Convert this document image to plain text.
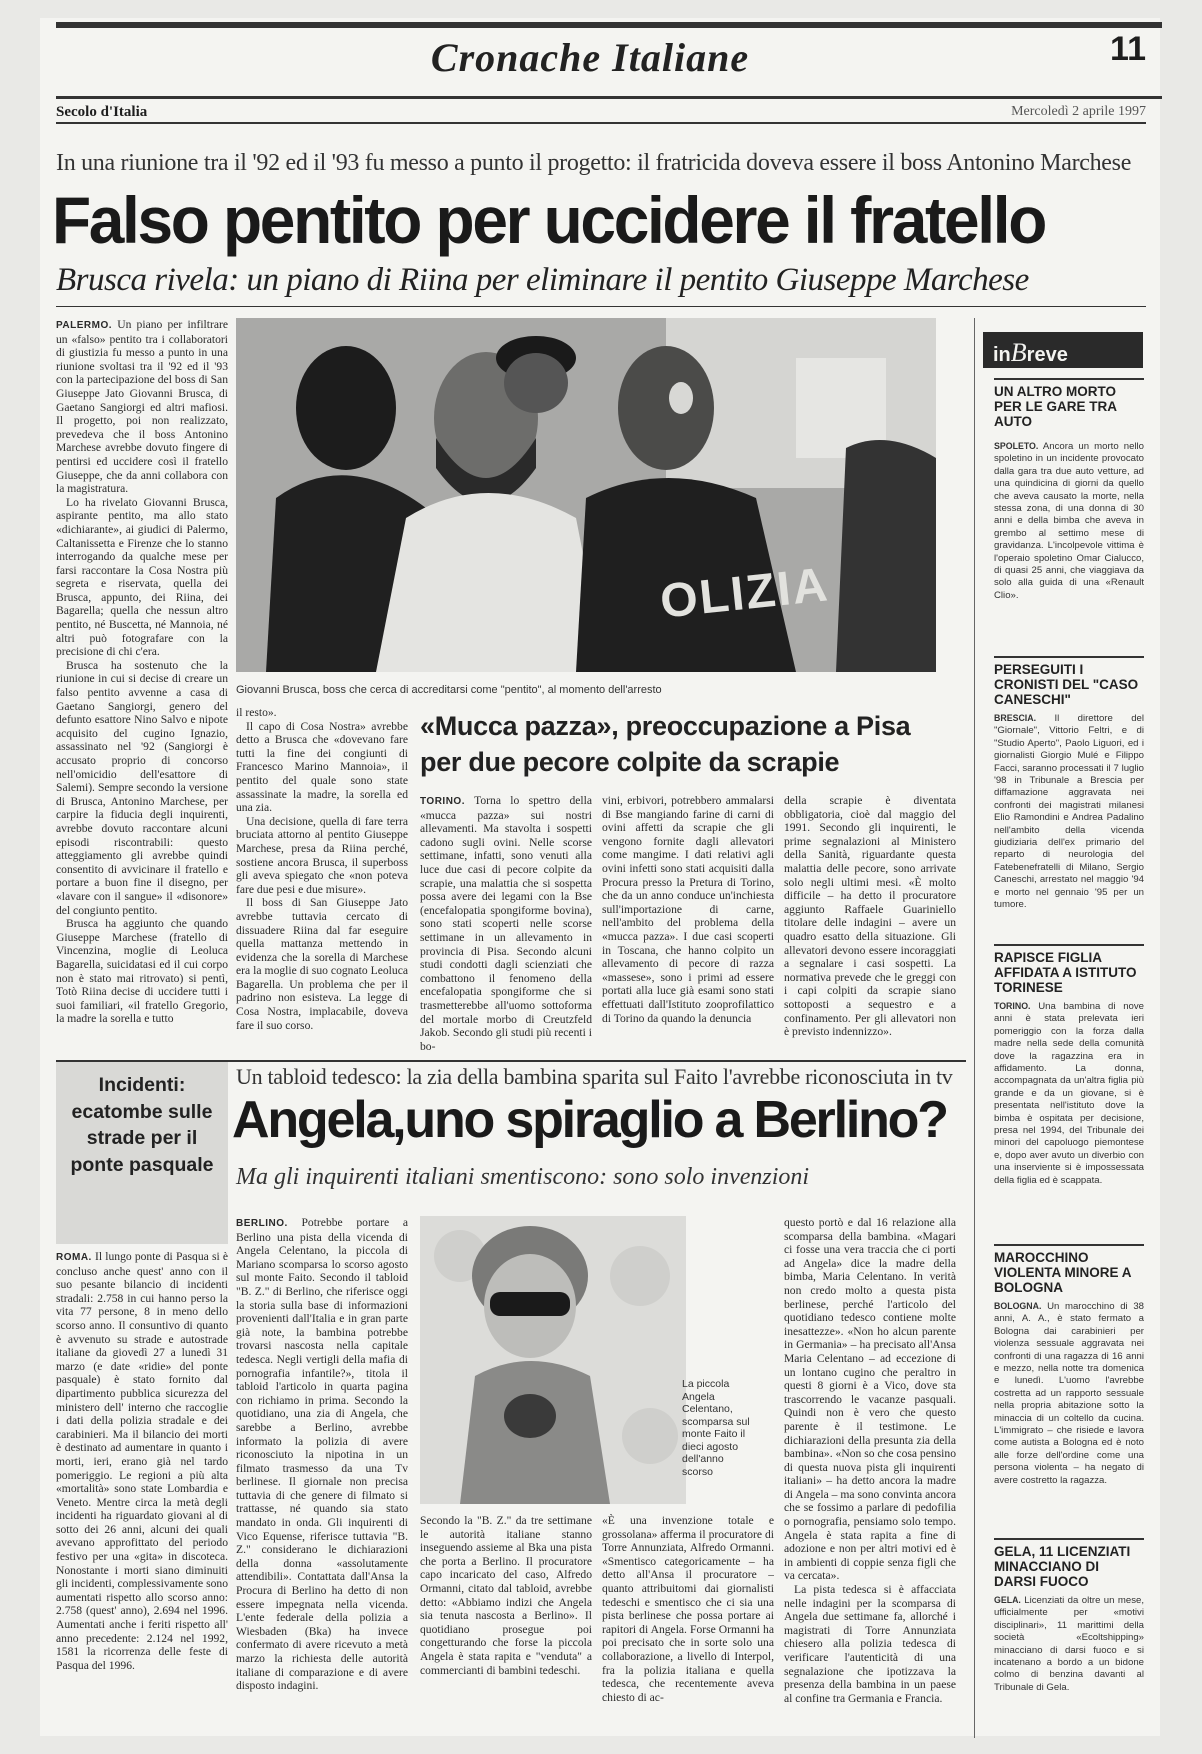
Cronache Italiane	11
Secolo d'Italia	Mercoledì 2 aprile 1997
In una riunione tra il '92 ed il '93 fu messo a punto il progetto: il fratricida doveva essere il boss Antonino Marchese
Falso pentito per uccidere il fratello
Brusca rivela: un piano di Riina per eliminare il pentito Giuseppe Marchese

PALERMO. Un piano per infiltrare un «falso» pentito tra i collaboratori di giustizia fu messo a punto in una riunione svoltasi tra il '92 ed il '93 con la partecipazione del boss di San Giuseppe Jato Giovanni Brusca, di Gaetano Sangiorgi ed altri mafiosi. Il progetto, poi non realizzato, prevedeva che il boss Antonino Marchese avrebbe dovuto fingere di pentirsi ed uccidere così il fratello Giuseppe, che da anni collabora con la magistratura.

Lo ha rivelato Giovanni Brusca, aspirante pentito, ma allo stato «dichiarante», ai giudici di Palermo, Caltanissetta e Firenze che lo stanno interrogando da qualche mese per farsi raccontare la Cosa Nostra più segreta e riservata, quella dei Brusca, appunto, dei Riina, dei Bagarella; quella che nessun altro pentito, né Buscetta, né Mannoia, né altri può fotografare con la precisione di chi c'era.

Brusca ha sostenuto che la riunione in cui si decise di creare un falso pentito avvenne a casa di Gaetano Sangiorgi, genero del defunto esattore Nino Salvo e nipote acquisito del cugino Ignazio, assassinato nel '92 (Sangiorgi è accusato proprio di concorso nell'omicidio dell'esattore di Salemi). Sempre secondo la versione di Brusca, Antonino Marchese, per carpire la fiducia degli inquirenti, avrebbe dovuto raccontare alcuni episodi riscontrabili: questo atteggiamento gli avrebbe quindi consentito di avvicinare il fratello e portare a buon fine il disegno, per «lavare con il sangue» il «disonore» del congiunto pentito.

Brusca ha aggiunto che quando Giuseppe Marchese (fratello di Vincenzina, moglie di Leoluca Bagarella, suicidatasi ed il cui corpo non è stato mai ritrovato) si pentì, Totò Riina decise di uccidere tutti i suoi familiari, «il fratello Gregorio, la madre la sorella e tutto

OLIZIA
Giovanni Brusca, boss che cerca di accreditarsi come "pentito", al momento dell'arresto

il resto».

Il capo di Cosa Nostra» avrebbe detto a Brusca che «dovevano fare tutti la fine dei congiunti di Francesco Marino Mannoia», il pentito del quale sono state assassinate la madre, la sorella ed una zia.

Una decisione, quella di fare terra bruciata attorno al pentito Giuseppe Marchese, presa da Riina perché, sostiene ancora Brusca, il superboss gli aveva spiegato che «non poteva fare due pesi e due misure».

Il boss di San Giuseppe Jato avrebbe tuttavia cercato di dissuadere Riina dal far eseguire quella mattanza mettendo in evidenza che la sorella di Marchese era la moglie di suo cognato Leoluca Bagarella. Un problema che per il padrino non esisteva. La legge di Cosa Nostra, implacabile, doveva fare il suo corso.

«Mucca pazza», preoccupazione a Pisa per due pecore colpite da scrapie

TORINO. Torna lo spettro della «mucca pazza» sui nostri allevamenti. Ma stavolta i sospetti cadono sugli ovini. Nelle scorse settimane, infatti, sono venuti alla luce due casi di pecore colpite da scrapie, una malattia che si sospetta possa avere dei legami con la Bse (encefalopatia spongiforme bovina), sono stati scoperti nelle scorse settimane in un allevamento in provincia di Pisa. Secondo alcuni studi condotti dagli scienziati che combattono il fenomeno della encefalopatia spongiforme che si trasmetterebbe all'uomo sottoforma del mortale morbo di Creutzfeld Jakob. Secondo gli studi più recenti i bo-

vini, erbivori, potrebbero ammalarsi di Bse mangiando farine di carni di ovini affetti da scrapie che gli vengono fornite dagli allevatori come mangime. I dati relativi agli ovini infetti sono stati acquisiti dalla Procura presso la Pretura di Torino, che da un anno conduce un'inchiesta sull'importazione di carne, nell'ambito del problema della «mucca pazza». I due casi scoperti in Toscana, che hanno colpito un allevamento di pecore di razza «massese», sono i primi ad essere portati alla luce già esami sono stati effettuati dall'Istituto zooprofilattico di Torino da quando la denuncia

della scrapie è diventata obbligatoria, cioè dal maggio del 1991. Secondo gli inquirenti, le prime segnalazioni al Ministero della Sanità, riguardante questa malattia delle pecore, sono arrivate solo negli ultimi mesi. «È molto difficile – ha detto il procuratore aggiunto Raffaele Guariniello titolare delle indagini – avere un quadro esatto della situazione. Gli allevatori devono essere incoraggiati a segnalare i casi sospetti. La normativa prevede che le greggi con i capi colpiti da scrapie siano sottoposti a sequestro e a confinamento. Per gli allevatori non è previsto indennizzo».

inBreve
UN ALTRO MORTO PER LE GARE TRA AUTO
SPOLETO. Ancora un morto nello spoletino in un incidente provocato dalla gara tra due auto vetture, ad una quindicina di giorni da quello che aveva causato la morte, nella stessa zona, di una donna di 30 anni e della bimba che aveva in grembo al settimo mese di gravidanza. L'incolpevole vittima è l'operaio spoletino Omar Cialucco, di quasi 25 anni, che viaggiava da solo alla guida di una «Renault Clio».
PERSEGUITI I CRONISTI DEL "CASO CANESCHI"
BRESCIA. Il direttore del "Giornale", Vittorio Feltri, e di "Studio Aperto", Paolo Liguori, ed i giornalisti Giorgio Mulé e Filippo Facci, saranno processati il 7 luglio '98 in Tribunale a Brescia per diffamazione aggravata nei confronti dei magistrati milanesi Elio Ramondini e Andrea Padalino nell'ambito della vicenda giudiziaria dell'ex primario del reparto di neurologia del Fatebenefratelli di Milano, Sergio Caneschi, arrestato nel maggio '94 e morto nel gennaio '95 per un tumore.
RAPISCE FIGLIA AFFIDATA A ISTITUTO TORINESE
TORINO. Una bambina di nove anni è stata prelevata ieri pomeriggio con la forza dalla madre nella sede della comunità dove la ragazzina era in affidamento. La donna, accompagnata da un'altra figlia più grande e da un giovane, si è presentata nell'istituto dove la bimba è ospitata per decisione, presa nel 1994, del Tribunale dei minori del capoluogo piemontese e, dopo aver avuto un diverbio con una inserviente si è impossessata della figlia ed è scappata.
MAROCCHINO VIOLENTA MINORE A BOLOGNA
BOLOGNA. Un marocchino di 38 anni, A. A., è stato fermato a Bologna dai carabinieri per violenza sessuale aggravata nei confronti di una ragazza di 16 anni e mezzo, nella notte tra domenica e lunedì. L'uomo l'avrebbe costretta ad un rapporto sessuale nella propria abitazione sotto la minaccia di un coltello da cucina. L'immigrato – che risiede e lavora come autista a Bologna ed è noto alle forze dell'ordine come una persona violenta – ha negato di avere costretto la ragazza.
GELA, 11 LICENZIATI MINACCIANO DI DARSI FUOCO
GELA. Licenziati da oltre un mese, ufficialmente per «motivi disciplinari», 11 marittimi della società «Ecoltshipping» minacciano di darsi fuoco e si incatenano a bordo a un bidone colmo di benzina davanti al Tribunale di Gela.
Incidenti: ecatombe sulle strade per il ponte pasquale

ROMA. Il lungo ponte di Pasqua si è concluso anche quest' anno con il suo pesante bilancio di incidenti stradali: 2.758 in cui hanno perso la vita 77 persone, 8 in meno dello scorso anno. Il consuntivo di quanto è avvenuto su strade e autostrade italiane da giovedì 27 a lunedì 31 marzo (e date «ridie» del ponte pasquale) è stato fornito dal dipartimento pubblica sicurezza del ministero dell' interno che raccoglie i dati della polizia stradale e dei carabinieri. Ma il bilancio dei morti è destinato ad aumentare in quanto i morti, ieri, erano già nel tardo pomeriggio. Le regioni a più alta «mortalità» sono state Lombardia e Veneto. Mentre circa la metà degli incidenti ha riguardato giovani al di sotto dei 26 anni, alcuni dei quali avevano approfittato del periodo festivo per una «gita» in discoteca. Nonostante i morti siano diminuiti gli incidenti, complessivamente sono aumentati rispetto allo scorso anno: 2.758 (quest' anno), 2.694 nel 1996. Aumentati anche i feriti rispetto all' anno precedente: 2.124 nel 1992, 1581 la ricorrenza delle feste di Pasqua del 1996.

Un tabloid tedesco: la zia della bambina sparita sul Faito l'avrebbe riconosciuta in tv
Angela,uno spiraglio a Berlino?
Ma gli inquirenti italiani smentiscono: sono solo invenzioni

BERLINO. Potrebbe portare a Berlino una pista della vicenda di Angela Celentano, la piccola di Mariano scomparsa lo scorso agosto sul monte Faito. Secondo il tabloid "B. Z." di Berlino, che riferisce oggi la storia sulla base di informazioni provenienti dall'Italia e in gran parte già note, la bambina potrebbe trovarsi nascosta nella capitale tedesca. Negli vertigli della mafia di pornografia infantile?», titola il tabloid l'articolo in quarta pagina con richiamo in prima. Secondo la quotidiano, una zia di Angela, che sarebbe a Berlino, avrebbe informato la polizia di avere riconosciuto la nipotina in un filmato trasmesso da una Tv berlinese. Il giornale non precisa tuttavia di che genere di filmato si trattasse, né quando sia stato mandato in onda. Gli inquirenti di Vico Equense, riferisce tuttavia "B. Z." considerano le dichiarazioni della donna «assolutamente attendibili». Contattata dall'Ansa la Procura di Berlino ha detto di non essere impegnata nella vicenda. L'ente federale della polizia a Wiesbaden (Bka) ha invece confermato di avere ricevuto a metà marzo la richiesta delle autorità italiane di comparazione e di avere disposto indagini.

La piccola Angela Celentano, scomparsa sul monte Faito il dieci agosto dell'anno scorso

Secondo la "B. Z." da tre settimane le autorità italiane stanno inseguendo assieme al Bka una pista che porta a Berlino. Il procuratore capo incaricato del caso, Alfredo Ormanni, citato dal tabloid, avrebbe detto: «Abbiamo indizi che Angela sia tenuta nascosta a Berlino». Il quotidiano prosegue poi congetturando che forse la piccola Angela è stata rapita e "venduta" a commercianti di bambini tedeschi.

«È una invenzione totale e grossolana» afferma il procuratore di Torre Annunziata, Alfredo Ormanni. «Smentisco categoricamente – ha detto all'Ansa il procuratore – quanto attribuitomi dai giornalisti tedeschi e smentisco che ci sia una pista berlinese che possa portare ai rapitori di Angela. Forse Ormanni ha poi precisato che in sorte solo una collaborazione, a livello di Interpol, fra la polizia italiana e quella tedesca, che recentemente aveva chiesto di ac-

questo portò e dal 16 relazione alla scomparsa della bambina. «Magari ci fosse una vera traccia che ci porti ad Angela» dice la madre della bimba, Maria Celentano. In verità non credo molto a questa pista berlinese, perché l'articolo del quotidiano tedesco contiene molte inesattezze». «Non ho alcun parente in Germania» – ha precisato all'Ansa Maria Celentano – ad eccezione di un lontano cugino che peraltro in questi 8 giorni è a Vico, dove sta trascorrendo le vacanze pasquali. Quindi non è vero che questo parente è il testimone. Le dichiarazioni della presunta zia della bambina». «Non so che cosa pensino di questa nuova pista gli inquirenti italiani» – ha detto ancora la madre di Angela – ma sono convinta ancora che se fossimo a parlare di pedofilia o pornografia, pensiamo solo tempo. Angela è stata rapita a fine di adozione e non per altri motivi ed è in ambienti di coppie senza figli che va cercata».

La pista tedesca si è affacciata nelle indagini per la scomparsa di Angela due settimane fa, allorché i magistrati di Torre Annunziata chiesero alla polizia tedesca di verificare l'autenticità di una segnalazione che ipotizzava la presenza della bambina in un paese al confine tra Germania e Francia.
